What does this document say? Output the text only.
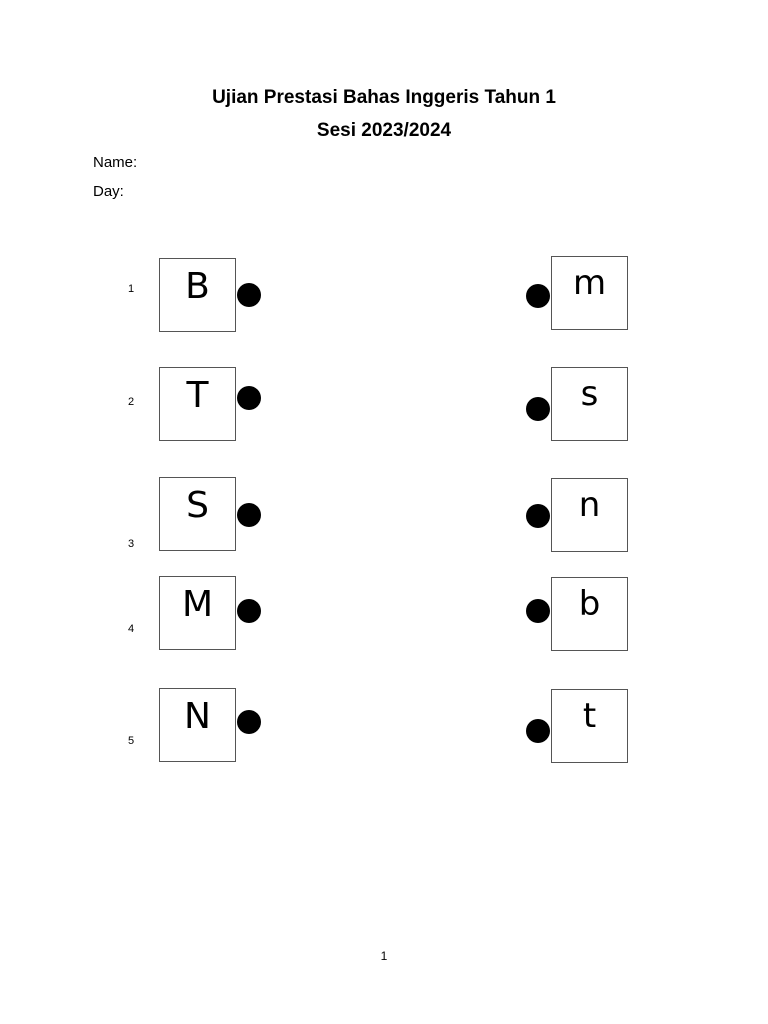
Ujian Prestasi Bahas Inggeris Tahun 1
Sesi 2023/2024
Name:
Day:
1 B
2 T
3
S
4
M
5
N
m
s
n
b
t
1
